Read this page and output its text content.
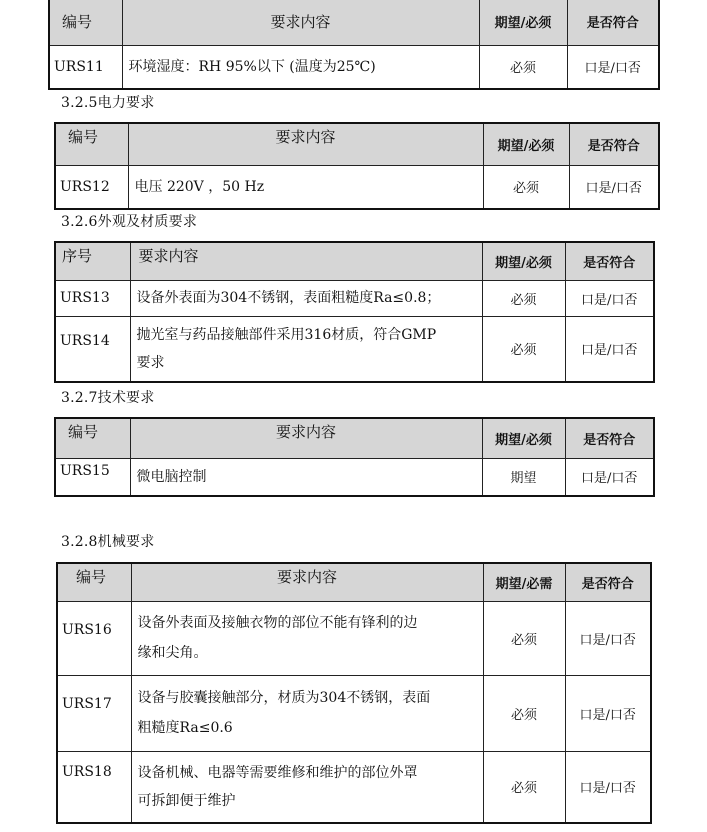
编号	要求内容	期望/必须	是否符合
URS11	环境湿度：RH 95%以下 (温度为25℃)	必须	口是/口否
3.2.5电力要求
编号	要求内容	期望/必须	是否符合
URS12	电压 220V ，50 Hz	必须	口是/口否
3.2.6外观及材质要求
序号	要求内容	期望/必须	是否符合
URS13	设备外表面为304不锈钢，表面粗糙度Ra≤0.8；	必须	口是/口否
URS14	抛光室与药品接触部件采用316材质，符合GMP
要求	必须	口是/口否
3.2.7技术要求
编号	要求内容	期望/必须	是否符合
URS15	微电脑控制	期望	口是/口否
3.2.8机械要求
编号	要求内容	期望/必需	是否符合
URS16	设备外表面及接触衣物的部位不能有锋利的边
缘和尖角。	必须	口是/口否
URS17	设备与胶囊接触部分，材质为304不锈钢，表面
粗糙度Ra≤0.6	必须	口是/口否
URS18	设备机械、电器等需要维修和维护的部位外罩
可拆卸便于维护	必须	口是/口否
